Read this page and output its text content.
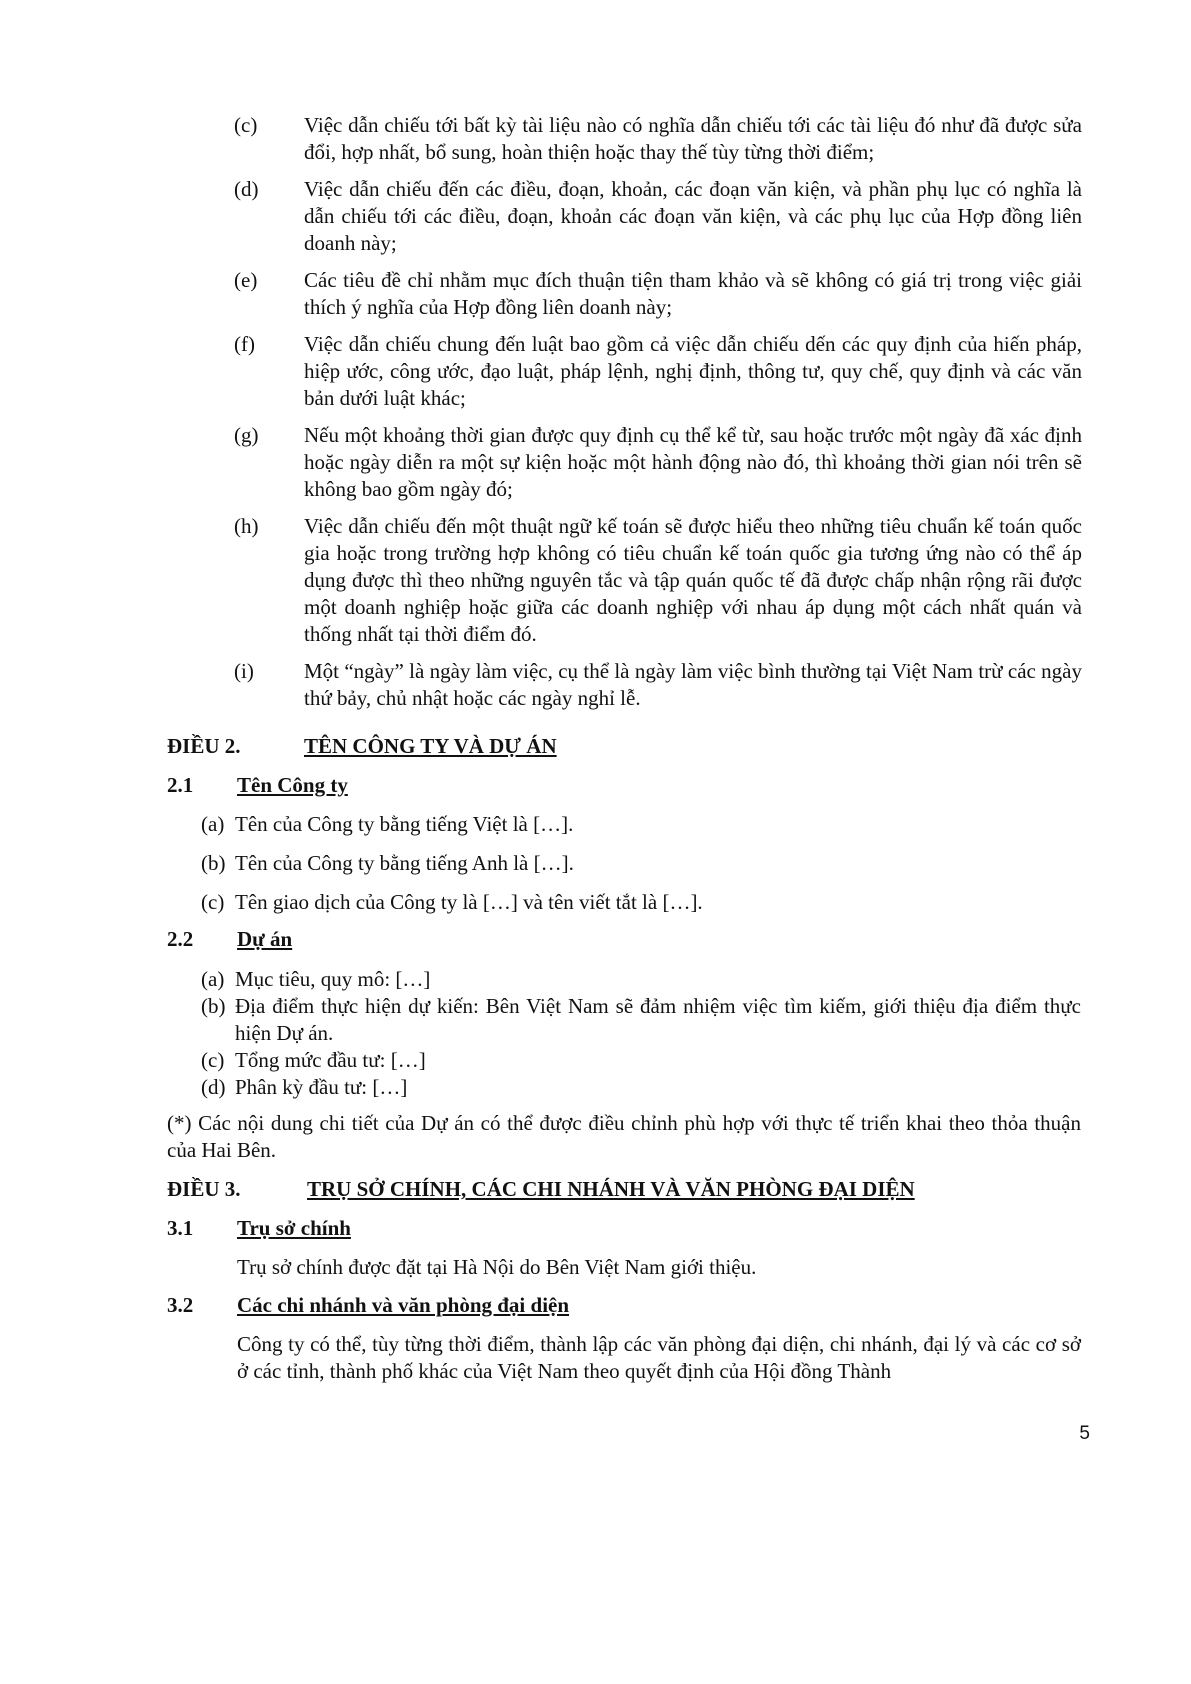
(c)	Việc dẫn chiếu tới bất kỳ tài liệu nào có nghĩa dẫn chiếu tới các tài liệu đó như đã được sửa đổi, hợp nhất, bổ sung, hoàn thiện hoặc thay thế tùy từng thời điểm;
(d)	Việc dẫn chiếu đến các điều, đoạn, khoản, các đoạn văn kiện, và phần phụ lục có nghĩa là dẫn chiếu tới các điều, đoạn, khoản các đoạn văn kiện, và các phụ lục của Hợp đồng liên doanh này;
(e)	Các tiêu đề chỉ nhằm mục đích thuận tiện tham khảo và sẽ không có giá trị trong việc giải thích ý nghĩa của Hợp đồng liên doanh này;
(f)	Việc dẫn chiếu chung đến luật bao gồm cả việc dẫn chiếu dến các quy định của hiến pháp, hiệp ước, công ước, đạo luật, pháp lệnh, nghị định, thông tư, quy chế, quy định và các văn bản dưới luật khác;
(g)	Nếu một khoảng thời gian được quy định cụ thể kể từ, sau hoặc trước một ngày đã xác định hoặc ngày diễn ra một sự kiện hoặc một hành động nào đó, thì khoảng thời gian nói trên sẽ không bao gồm ngày đó;
(h)	Việc dẫn chiếu đến một thuật ngữ kế toán sẽ được hiểu theo những tiêu chuẩn kế toán quốc gia hoặc trong trường hợp không có tiêu chuẩn kế toán quốc gia tương ứng nào có thể áp dụng được thì theo những nguyên tắc và tập quán quốc tế đã được chấp nhận rộng rãi được một doanh nghiệp hoặc giữa các doanh nghiệp với nhau áp dụng một cách nhất quán và thống nhất tại thời điểm đó.
(i)	Một “ngày” là ngày làm việc, cụ thể là ngày làm việc bình thường tại Việt Nam trừ các ngày thứ bảy, chủ nhật hoặc các ngày nghỉ lễ.
ĐIỀU 2.	TÊN CÔNG TY VÀ DỰ ÁN
2.1 Tên Công ty
(a) Tên của Công ty bằng tiếng Việt là […].
(b) Tên của Công ty bằng tiếng Anh là […].
(c) Tên giao dịch của Công ty là […] và tên viết tắt là […].
2.2 Dự án
(a) Mục tiêu, quy mô: […]
(b) Địa điểm thực hiện dự kiến: Bên Việt Nam sẽ đảm nhiệm việc tìm kiếm, giới thiệu địa điểm thực hiện Dự án.
(c) Tổng mức đầu tư: […]
(d) Phân kỳ đầu tư: […]
(*) Các nội dung chi tiết của Dự án có thể được điều chỉnh phù hợp với thực tế triển khai theo thỏa thuận của Hai Bên.
ĐIỀU 3.	TRỤ SỞ CHÍNH, CÁC CHI NHÁNH VÀ VĂN PHÒNG ĐẠI DIỆN
3.1 Trụ sở chính
Trụ sở chính được đặt tại Hà Nội do Bên Việt Nam giới thiệu.
3.2 Các chi nhánh và văn phòng đại diện
Công ty có thể, tùy từng thời điểm, thành lập các văn phòng đại diện, chi nhánh, đại lý và các cơ sở ở các tỉnh, thành phố khác của Việt Nam theo quyết định của Hội đồng Thành
5
